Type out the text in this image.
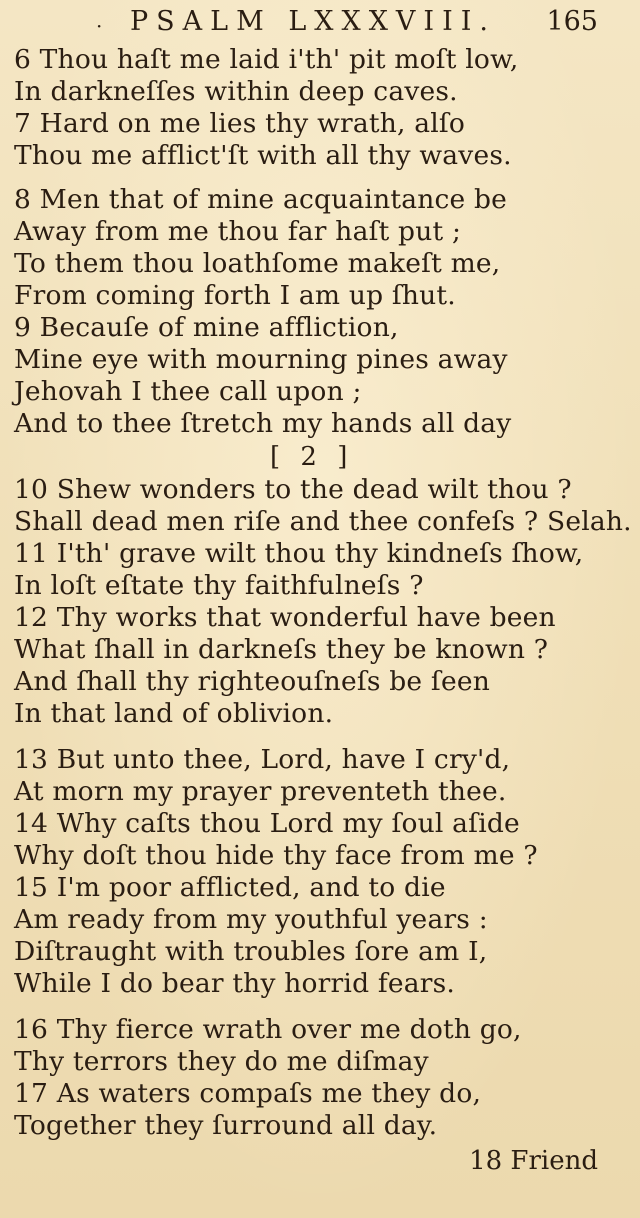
· PSALM LXXXVIII. 165
6 Thou haſt me laid i'th' pit moſt low,
In darkneſſes within deep caves.
7 Hard on me lies thy wrath, alſo
Thou me afflict'ſt with all thy waves.
8 Men that of mine acquaintance be
Away from me thou far haſt put ;
To them thou loathſome makeſt me,
From coming forth I am up ſhut.
9 Becauſe of mine affliction,
Mine eye with mourning pines away
Jehovah I thee call upon ;
And to thee ſtretch my hands all day
[ 2 ]
10 Shew wonders to the dead wilt thou ?
Shall dead men riſe and thee confeſs ? Selah.
11 I'th' grave wilt thou thy kindneſs ſhow,
In loſt eſtate thy faithfulneſs ?
12 Thy works that wonderful have been
What ſhall in darkneſs they be known ?
And ſhall thy righteouſneſs be ſeen
In that land of oblivion.
13 But unto thee, Lord, have I cry'd,
At morn my prayer preventeth thee.
14 Why caſts thou Lord my ſoul aſide
Why doſt thou hide thy face from me ?
15 I'm poor afflicted, and to die
Am ready from my youthful years :
Diſtraught with troubles ſore am I,
While I do bear thy horrid fears.
16 Thy fierce wrath over me doth go,
Thy terrors they do me diſmay
17 As waters compaſs me they do,
Together they ſurround all day.
18 Friend
